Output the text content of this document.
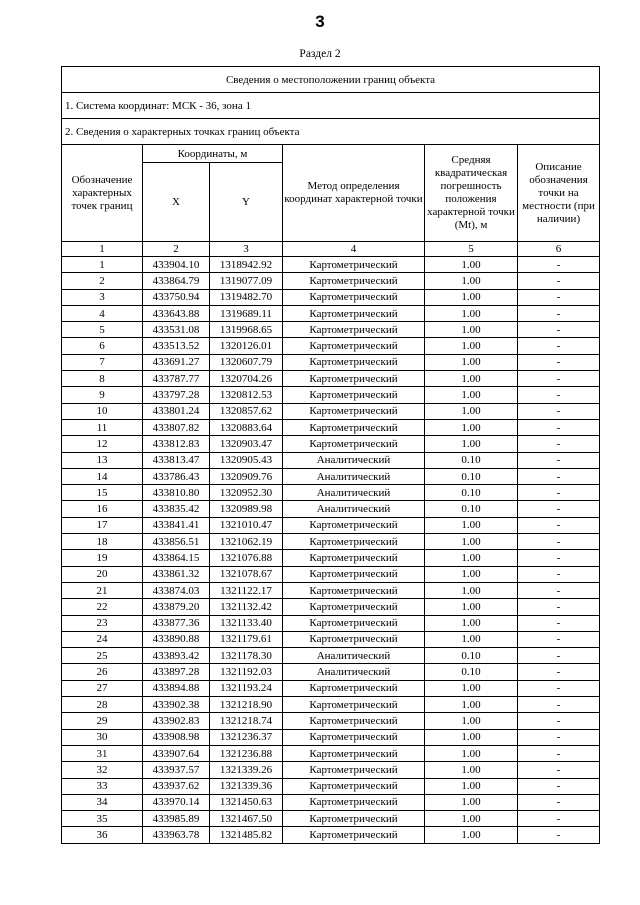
3
Раздел 2
Сведения о местоположении границ объекта					
1. Система координат: МСК - 36, зона 1					
2. Сведения о характерных точках границ объекта					
Обозначение характерных точек границ	Координаты, м		Метод определения координат характерной точки	Средняя квадратическая погрешность положения характерной точки (Mt), м	Описание обозначения точки на местности (при наличии)
	X	Y			
1	2	3	4	5	6
1	433904.10	1318942.92	Картометрический	1.00	-
2	433864.79	1319077.09	Картометрический	1.00	-
3	433750.94	1319482.70	Картометрический	1.00	-
4	433643.88	1319689.11	Картометрический	1.00	-
5	433531.08	1319968.65	Картометрический	1.00	-
6	433513.52	1320126.01	Картометрический	1.00	-
7	433691.27	1320607.79	Картометрический	1.00	-
8	433787.77	1320704.26	Картометрический	1.00	-
9	433797.28	1320812.53	Картометрический	1.00	-
10	433801.24	1320857.62	Картометрический	1.00	-
11	433807.82	1320883.64	Картометрический	1.00	-
12	433812.83	1320903.47	Картометрический	1.00	-
13	433813.47	1320905.43	Аналитический	0.10	-
14	433786.43	1320909.76	Аналитический	0.10	-
15	433810.80	1320952.30	Аналитический	0.10	-
16	433835.42	1320989.98	Аналитический	0.10	-
17	433841.41	1321010.47	Картометрический	1.00	-
18	433856.51	1321062.19	Картометрический	1.00	-
19	433864.15	1321076.88	Картометрический	1.00	-
20	433861.32	1321078.67	Картометрический	1.00	-
21	433874.03	1321122.17	Картометрический	1.00	-
22	433879.20	1321132.42	Картометрический	1.00	-
23	433877.36	1321133.40	Картометрический	1.00	-
24	433890.88	1321179.61	Картометрический	1.00	-
25	433893.42	1321178.30	Аналитический	0.10	-
26	433897.28	1321192.03	Аналитический	0.10	-
27	433894.88	1321193.24	Картометрический	1.00	-
28	433902.38	1321218.90	Картометрический	1.00	-
29	433902.83	1321218.74	Картометрический	1.00	-
30	433908.98	1321236.37	Картометрический	1.00	-
31	433907.64	1321236.88	Картометрический	1.00	-
32	433937.57	1321339.26	Картометрический	1.00	-
33	433937.62	1321339.36	Картометрический	1.00	-
34	433970.14	1321450.63	Картометрический	1.00	-
35	433985.89	1321467.50	Картометрический	1.00	-
36	433963.78	1321485.82	Картометрический	1.00	-
